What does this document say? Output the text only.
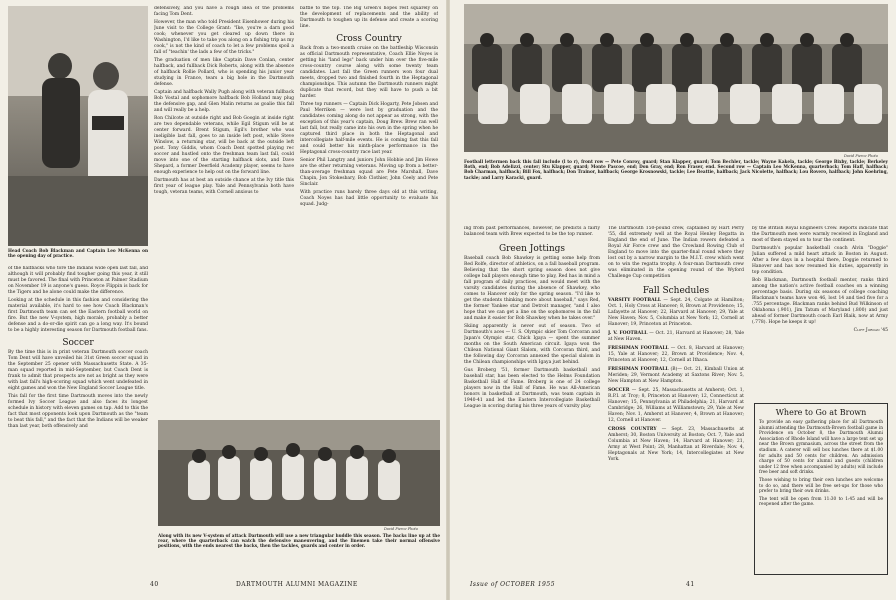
Head Coach Bob Blackman and Captain Leo McKenna on the opening day of practice.

of the halfbacks who tore the Indians wide open last fall, and although it will probably find tougher going this year, it still must be favored. The final with Princeton at Palmer Stadium on November 19 is anyone's guess. Royce Flippin is back for the Tigers and he alone could make the difference.

Looking at the schedule in this fashion and considering the material available, it's hard to see how Coach Blackman's first Dartmouth team can set the Eastern football world on fire. But the new V-system, high morale, probably a better defense and a do-or-die spirit can go a long way. It's bound to be a highly interesting season for Dartmouth football fans.

Soccer

By the time this is in print veteran Dartmouth soccer coach Tom Dent will have unveiled his 31st Green soccer squad in the September 25 opener with Massachusetts State. A 35-man squad reported in mid-September, but Coach Dent is frank to admit that prospects are not as bright as they were with last fall's high-scoring squad which went undefeated in eight games and won the New England Soccer League title.

This fall for the first time Dartmouth moves into the newly formed Ivy Soccer League and also faces its longest schedule in history with eleven games on tap. Add to this the fact that most opponents look upon Dartmouth as the "team to beat this fall," and the fact that the Indians will be weaker than last year, both offensively and

defensively, and you have a rough idea of the problems facing Tom Dent.

However, the man who told President Eisenhower during his June visit to the College Grant: "Ike, you're a darn good cook; whenever you get cleared up down there in Washington, I'd like to take you along on a fishing trip as my cook," is not the kind of coach to let a few problems spoil a fall of "teachin' the lads a few of the tricks."

The graduation of men like Captain Dave Conlan, center halfback, and fullback Dick Roberts, along with the absence of halfback Rollie Pollard, who is spending his junior year studying in France, tears a big hole in the Dartmouth defense.

Captain and halfback Wally Pugh along with veteran fullback Bob Vostal and sophomore halfback Bob Holland may plug the defensive gap, and Glen Malin returns as goalie this fall and will really be a help.

Ron Chilcote at outside right and Bob Googin at inside right are two dependable veterans, while Egil Stigum will be at center forward. Brent Stigum, Egil's brother who was ineligible last fall, goes to an inside left post, while Steve Winslow, a returning star, will be back at the outside left post. Tony Giddis, whom Coach Dent spotted playing rec soccer and hustled onto the freshman team last fall, could move into one of the starting halfback slots, and Dave Shepard, a former Deerfield Academy player, seems to have enough experience to help out on the forward line.

Dartmouth has at best an outside chance at the Ivy title this first year of league play. Yale and Pennsylvania both have tough, veteran teams, with Cornell anxious to

battle to the top. The Big Green's hopes rest squarely on the development of replacements and the ability of Dartmouth to toughen up its defense and create a scoring line.

Cross Country

Back from a two-month cruise on the battleship Wisconsin as official Dartmouth representative, Coach Ellie Noyes is getting his "land legs" back under him over the five-mile cross-country course along with some twenty team candidates. Last fall the Green runners won four dual meets, dropped two and finished fourth in the Heptagonal championships. This autumn the Dartmouth runners might duplicate that record, but they will have to push a bit harder.

Three top runners — Captain Dick Hogarty, Pete Jobsen and Paul Merriken — were lost by graduation and the candidates coming along do not appear as strong, with the exception of this year's captain, Doug Brew. Brew ran well last fall, but really came into his own in the spring when he captured third place in both the Heptagonal and intercollegiate half-mile events. He is coming fast this fall and could better his ninth-place performance in the Heptagonal cross-country race last year.

Senior Phil Langtry and juniors John Hobbie and Jim Howe are the other returning veterans. Moving up from a better-than-average freshman squad are Pete Marshall, Dave Chapin, Jon Stokesbary, Bob Clothier, John Ceely and Pete Sinclair.

With practice runs barely three days old at this writing, Coach Noyes has had little opportunity to evaluate his squad. Judg-

David Pierce Photo
Along with its new V-system of attack Dartmouth will use a new triangular huddle this season. The backs line up at the rear, where the quarterback can watch the defensive maneuvering, and the linemen take their normal offensive positions, with the ends nearest the backs, then the tackles, guards and center in order.
40	DARTMOUTH ALUMNI MAGAZINE
David Pierce Photo
Football lettermen back this fall include (l to r), front row — Pete Conroy, guard; Stan Klapper, guard; Tom Bechler, tackle; Wayne Kakela, tackle; George Bixby, tackle; Berkeley Roth, end; Bob Adelizzi, center; Stu Klapper, guard; Monte Pascoe, end; Don Gray, end; Ron Fraser, end. Second row — Captain Leo McKenna, quarterback; Tom Haff, halfback; Bob Charman, halfback; Bill Fox, halfback; Don Trainor, halfback; George Krosnowski, tackle; Lee Beattie, halfback; Jack Nicolette, halfback; Lou Rovero, halfback; John Koehring, tackle; and Larry Karacki, guard.

ing from past performances, however, he predicts a fairly balanced team with Brew expected to be the top runner.

Green Jottings

Baseball coach Bob Shawkey is getting some help from Red Rolfe, director of athletics, on a fall baseball program. Believing that the short spring season does not give college ball players enough time to play, Red has in mind a fall program of daily practices, and would meet with the varsity candidates during the absence of Shawkey, who comes to Hanover only for the spring season. "I'd like to get the students thinking more about baseball," says Red, the former Yankee star and Detroit manager, "and I also hope that we can get a line on the sophomores in the fall and make it easier for Bob Shawkey when he takes over."

Skiing apparently is never out of season. Two of Dartmouth's aces — U. S. Olympic skier Tom Corcoran and Japan's Olympic star, Chick Igaya — spent the summer months on the South American circuit. Igaya won the Chilean National Giant Slalom, with Corcoran third, and the following day Corcoran annexed the special slalom in the Chilean championships with Igaya just behind.

Gus Broberg '51, former Dartmouth basketball and baseball star, has been elected to the Helms Foundation Basketball Hall of Fame. Broberg is one of 24 college players now in the Hall of Fame. He was All-American honors in basketball at Dartmouth, was team captain in 1940-41 and led the Eastern Intercollegiate Basketball League in scoring during his three years of varsity play.

The Dartmouth 150-pound crew, captained by Hart Perry '55, did extremely well at the Royal Henley Regatta in England the end of June. The Indian rowers defeated a Royal Air Force crew and the Crowland Rowing Club of England to move into the quarter-final round where they lost out by a narrow margin to the M.I.T. crew which went on to win the regatta trophy. A four-man Dartmouth crew was eliminated in the opening round of the Wyford Challenge Cup competition

Fall Schedules

VARSITY FOOTBALL — Sept. 24, Colgate at Hamilton; Oct. 1, Holy Cross at Hanover; 8, Brown at Providence; 15, Lafayette at Hanover; 22, Harvard at Hanover; 29, Yale at New Haven; Nov. 5, Columbia at New York; 12, Cornell at Hanover; 19, Princeton at Princeton.

J. V. FOOTBALL — Oct. 21, Harvard at Hanover; 28, Yale at New Haven.

FRESHMAN FOOTBALL — Oct. 8, Harvard at Hanover; 15, Yale at Hanover; 22, Brown at Providence; Nov. 4, Princeton at Hanover; 12, Cornell at Ithaca.

FRESHMAN FOOTBALL (B)— Oct. 21, Kimball Union at Meriden; 29, Vermont Academy at Saxtons River; Nov. 5, New Hampton at New Hampton.

SOCCER — Sept. 25, Massachusetts at Amherst; Oct. 1, R.P.I. at Troy; 8, Princeton at Hanover; 12, Connecticut at Hanover; 15, Pennsylvania at Philadelphia; 21, Harvard at Cambridge; 26, Williams at Williamstown; 29, Yale at New Haven; Nov. 1, Amherst at Hanover; 4, Brown at Hanover; 12, Cornell at Hanover.

CROSS COUNTRY — Sept. 23, Massachusetts at Amherst; 30, Boston University at Boston; Oct. 7, Yale and Columbia at New Haven; 14, Harvard at Hanover; 21, Army at West Point; 28, Manhattan at Riverdale; Nov. 4, Heptagonals at New York; 14, Intercollegiates at New York.

by the British Royal Engineers Crew. Reports indicate that the Dartmouth men were warmly received in England and most of them stayed on to tour the continent.

Dartmouth's popular basketball coach Alvin "Doggie" Julian suffered a mild heart attack in Boston in August. After a few days in a hospital there, Doggie returned to Hanover and has now resumed his duties, apparently in top condition.

Bob Blackman, Dartmouth football mentor, ranks third among the nation's active football coaches on a winning percentage basis. During six seasons of college coaching Blackman's teams have won 46, lost 14 and tied five for a .755 percentage. Blackman ranks behind Bud Wilkinson of Oklahoma (.901), Jim Tatum of Maryland (.800) and just ahead of former Dartmouth coach Earl Blaik, now at Army (.778). Hope he keeps it up!

Cliff Jordan '45

Where to Go at Brown
To provide an easy gathering place for all Dartmouth alumni attending the Dartmouth-Brown football game in Providence on October 8, the Dartmouth Alumni Association of Rhode Island will have a large tent set up near the Brown gymnasium, across the street from the stadium. A caterer will sell box lunches there at $1.00 for adults and 50 cents for children. An admission charge of 50 cents for alumni and guests (children under 12 free when accompanied by adults) will include free beer and soft drinks.
Those wishing to bring their own lunches are welcome to do so, and there will be free set-ups for those who prefer to bring their own drinks.
The tent will be open from 11:30 to 1:45 and will be reopened after the game.
Issue of OCTOBER 1955	41
